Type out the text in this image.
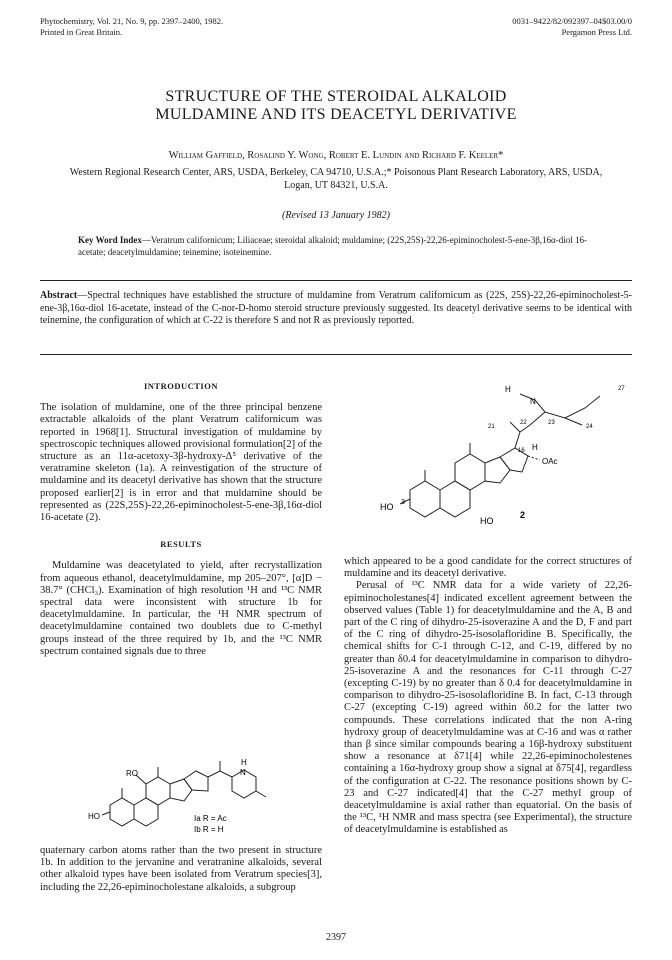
Phytochemistry, Vol. 21, No. 9, pp. 2397–2400, 1982.
Printed in Great Britain.
0031–9422/82/092397–04$03.00/0
Pergamon Press Ltd.
STRUCTURE OF THE STEROIDAL ALKALOID
MULDAMINE AND ITS DEACETYL DERIVATIVE
William Gaffield, Rosalind Y. Wong, Robert E. Lundin and Richard F. Keeler*
Western Regional Research Center, ARS, USDA, Berkeley, CA 94710, U.S.A.;* Poisonous Plant Research Laboratory, ARS, USDA, Logan, UT 84321, U.S.A.
(Revised 13 January 1982)
Key Word Index—Veratrum californicum; Liliaceae; steroidal alkaloid; muldamine; (22S,25S)-22,26-epiminocholest-5-ene-3β,16α-diol 16-acetate; deacetylmuldamine; teinemine; isoteinemine.
Abstract—Spectral techniques have established the structure of muldamine from Veratrum californicum as (22S, 25S)-22,26-epiminocholest-5-ene-3β,16α-diol 16-acetate, instead of the C-nor-D-homo steroid structure previously suggested. Its deacetyl derivative seems to be identical with teinemine, the configuration of which at C-22 is therefore S and not R as previously reported.
INTRODUCTION

The isolation of muldamine, one of the three principal benzene extractable alkaloids of the plant Veratrum californicum was reported in 1968[1]. Structural investigation of muldamine by spectroscopic techniques allowed provisional formulation[2] of the structure as an 11α-acetoxy-3β-hydroxy-Δ⁵ derivative of the veratramine skeleton (1a). A reinvestigation of the structure of muldamine and its deacetyl derivative has shown that the structure proposed earlier[2] is in error and that muldamine should be represented as (22S,25S)-22,26-epiminocholest-5-ene-3β,16α-diol 16-acetate (2).

RESULTS

Muldamine was deacetylated to yield, after recrystallization from aqueous ethanol, deacetylmuldamine, mp 205–207°, [α]D − 38.7° (CHCl₃). Examination of high resolution ¹H and ¹³C NMR spectral data were inconsistent with structure 1b for deacetylmuldamine. In particular, the ¹H NMR spectrum of deacetylmuldamine contained two doublets due to C-methyl groups instead of the three required by 1b, and the ¹³C NMR spectrum contained signals due to three

RO
HO
H
N
Ia R = Ac
Ib R = H

quaternary carbon atoms rather than the two present in structure 1b. In addition to the jervanine and veratranine alkaloids, several other alkaloid types have been isolated from Veratrum species[3], including the 22,26-epiminocholestane alkaloids, a subgroup

HO
HO 3
2
H
N
21
22	23
24
27
16 H
OAc

which appeared to be a good candidate for the correct structures of muldamine and its deacetyl derivative.

Perusal of ¹³C NMR data for a wide variety of 22,26-epiminocholestanes[4] indicated excellent agreement between the observed values (Table 1) for deacetylmuldamine and the A, B and part of the C ring of dihydro-25-isoverazine A and the D, F and part of the C ring of dihydro-25-isosolafloridine B. Specifically, the chemical shifts for C-1 through C-12, and C-19, differed by no greater than δ0.4 for deacetylmuldamine in comparison to dihydro-25-isoverazine A and the resonances for C-11 through C-27 (excepting C-19) by no greater than δ 0.4 for deacetylmuldamine in comparison to dihydro-25-isosolafloridine B. In fact, C-13 through C-27 (excepting C-19) agreed within δ0.2 for the latter two compounds. These correlations indicated that the non A-ring hydroxy group of deacetylmuldamine was at C-16 and was α rather than β since similar compounds bearing a 16β-hydroxy substituent show a resonance at δ71[4] while 22,26-epiminocholestenes containing a 16α-hydroxy group show a signal at δ75[4], regardless of the configuration at C-22. The resonance positions shown by C-23 and C-27 indicated[4] that the C-27 methyl group of deacetylmuldamine is axial rather than equatorial. On the basis of the ¹³C, ¹H NMR and mass spectra (see Experimental), the structure of deacetylmuldamine is established as

2397
